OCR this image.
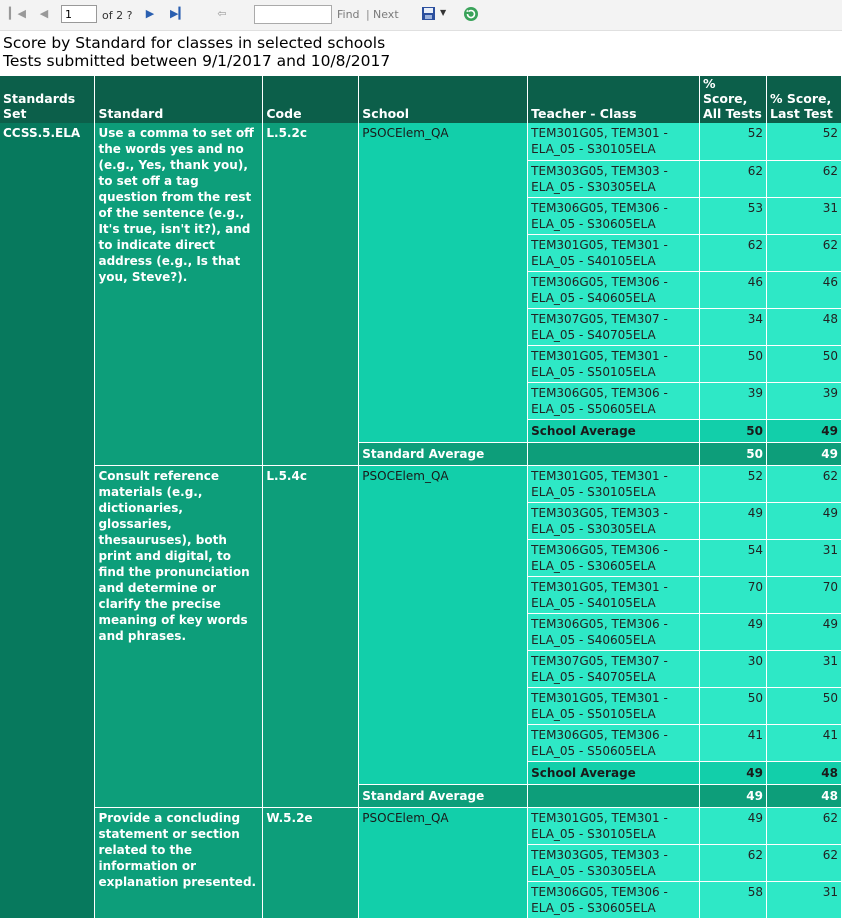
▎◀ ◀
1	of 2 ? ▶ ▶▎	⇦	Find | Next	▼
Score by Standard for classes in selected schools
Tests submitted between 9/1/2017 and 10/8/2017
Standards Set	Standard	Code	School	Teacher - Class	% Score, All Tests	% Score, Last Test
CCSS.5.ELA	Use a comma to set off the words yes and no (e.g., Yes, thank you), to set off a tag question from the rest of the sentence (e.g., It's true, isn't it?), and to indicate direct address (e.g., Is that you, Steve?).	L.5.2c	PSOCElem_QA	TEM301G05, TEM301 - ELA_05 - S30105ELA	52	52
				TEM303G05, TEM303 - ELA_05 - S30305ELA	62	62
				TEM306G05, TEM306 - ELA_05 - S30605ELA	53	31
				TEM301G05, TEM301 - ELA_05 - S40105ELA	62	62
				TEM306G05, TEM306 - ELA_05 - S40605ELA	46	46
				TEM307G05, TEM307 - ELA_05 - S40705ELA	34	48
				TEM301G05, TEM301 - ELA_05 - S50105ELA	50	50
				TEM306G05, TEM306 - ELA_05 - S50605ELA	39	39
				School Average	50	49
			Standard Average		50	49
	Consult reference materials (e.g., dictionaries, glossaries, thesauruses), both print and digital, to find the pronunciation and determine or clarify the precise meaning of key words and phrases.	L.5.4c	PSOCElem_QA	TEM301G05, TEM301 - ELA_05 - S30105ELA	52	62
				TEM303G05, TEM303 - ELA_05 - S30305ELA	49	49
				TEM306G05, TEM306 - ELA_05 - S30605ELA	54	31
				TEM301G05, TEM301 - ELA_05 - S40105ELA	70	70
				TEM306G05, TEM306 - ELA_05 - S40605ELA	49	49
				TEM307G05, TEM307 - ELA_05 - S40705ELA	30	31
				TEM301G05, TEM301 - ELA_05 - S50105ELA	50	50
				TEM306G05, TEM306 - ELA_05 - S50605ELA	41	41
				School Average	49	48
			Standard Average		49	48
	Provide a concluding statement or section related to the information or explanation presented.	W.5.2e	PSOCElem_QA	TEM301G05, TEM301 - ELA_05 - S30105ELA	49	62
				TEM303G05, TEM303 - ELA_05 - S30305ELA	62	62
				TEM306G05, TEM306 - ELA_05 - S30605ELA	58	31
